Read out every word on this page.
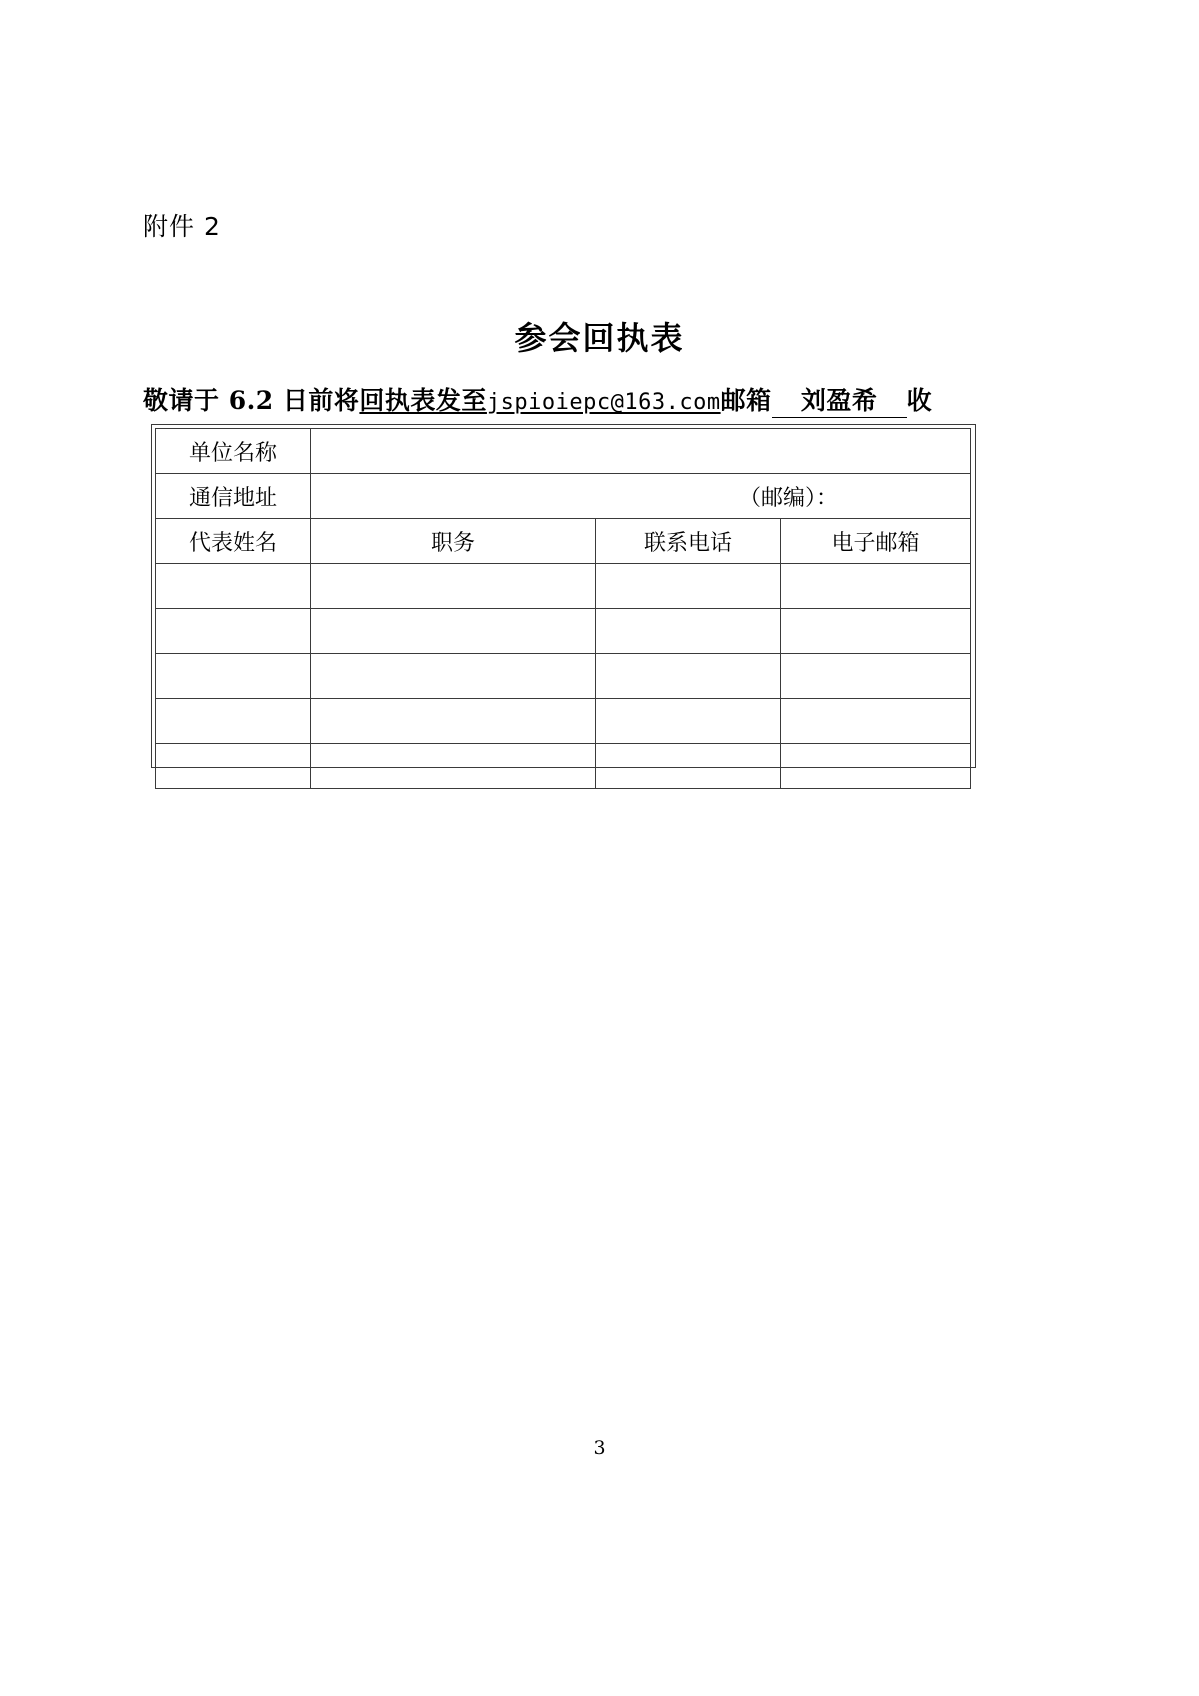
附件 2
参会回执表
敬请于 6.2 日前将回执表发至jspioiepc@163.com邮箱 刘盈希 收
单位名称			
通信地址	（邮编）：		

代表姓名	职务	联系电话	电子邮箱

3
